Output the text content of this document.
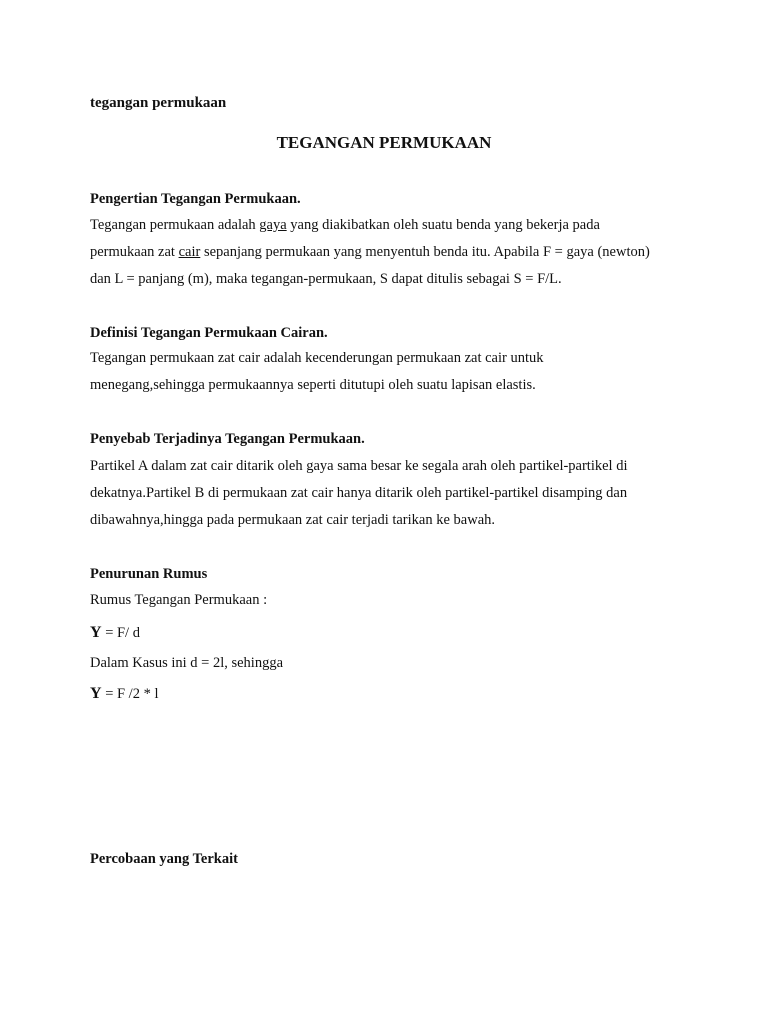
tegangan permukaan
TEGANGAN PERMUKAAN
Pengertian Tegangan Permukaan.
Tegangan permukaan adalah gaya yang diakibatkan oleh suatu benda yang bekerja pada
permukaan zat cair sepanjang permukaan yang menyentuh benda itu. Apabila F = gaya (newton)
dan L = panjang (m), maka tegangan-permukaan, S dapat ditulis sebagai S = F/L.
Definisi Tegangan Permukaan Cairan.
Tegangan permukaan zat cair adalah kecenderungan permukaan zat cair untuk
menegang,sehingga permukaannya seperti ditutupi oleh suatu lapisan elastis.
Penyebab Terjadinya Tegangan Permukaan.
Partikel A dalam zat cair ditarik oleh gaya sama besar ke segala arah oleh partikel-partikel di
dekatnya.Partikel B di permukaan zat cair hanya ditarik oleh partikel-partikel disamping dan
dibawahnya,hingga pada permukaan zat cair terjadi tarikan ke bawah.
Penurunan Rumus
Rumus Tegangan Permukaan :
Y = F/ d
Dalam Kasus ini d = 2l, sehingga
Y = F /2 * l
Percobaan yang Terkait
